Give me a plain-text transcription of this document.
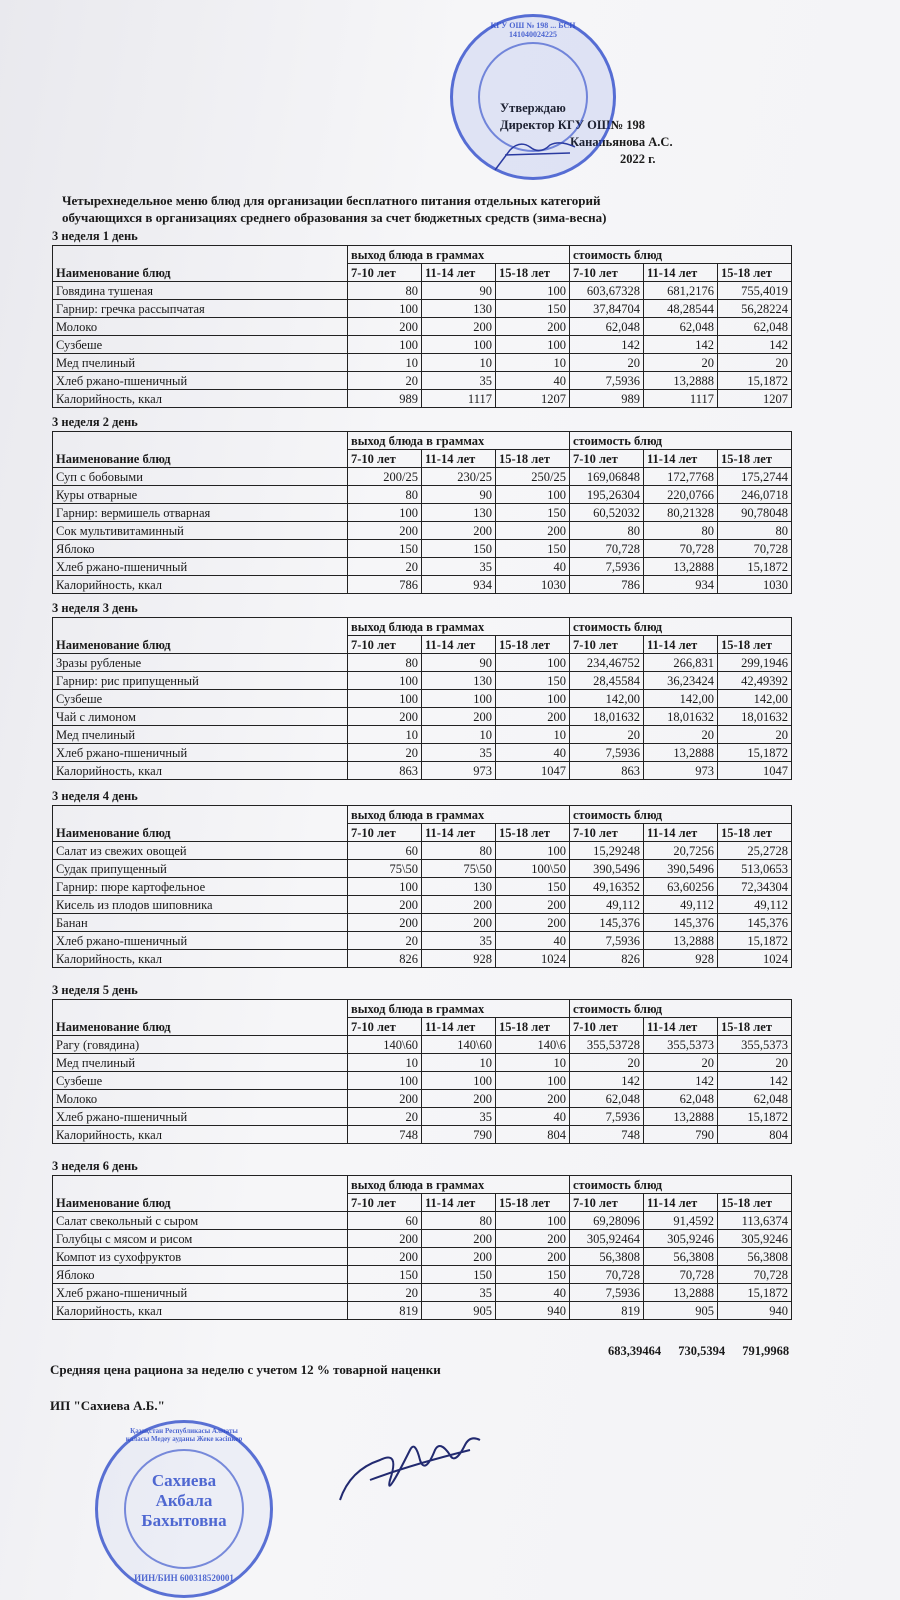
КГУ ОШ № 198 ... БСН 141040024225
Утверждаю
Директор КГУ ОШ№ 198
Канапьянова А.С.
2022 г.
Четырехнедельное меню блюд для организации бесплатного питания отдельных категорий
обучающихся в организациях среднего образования за счет бюджетных средств (зима-весна)
3 неделя 1 день
Наименование блюд	выход блюда в граммах			стоимость блюд		
	7-10 лет	11-14 лет	15-18 лет	7-10 лет	11-14 лет	15-18 лет
Говядина тушеная	80	90	100	603,67328	681,2176	755,4019
Гарнир: гречка рассыпчатая	100	130	150	37,84704	48,28544	56,28224
Молоко	200	200	200	62,048	62,048	62,048
Сузбеше	100	100	100	142	142	142
Мед пчелиный	10	10	10	20	20	20
Хлеб ржано-пшеничный	20	35	40	7,5936	13,2888	15,1872
Калорийность, ккал	989	1117	1207	989	1117	1207
3 неделя 2 день
Наименование блюд	выход блюда в граммах			стоимость блюд		
	7-10 лет	11-14 лет	15-18 лет	7-10 лет	11-14 лет	15-18 лет
Суп с бобовыми	200/25	230/25	250/25	169,06848	172,7768	175,2744
Куры отварные	80	90	100	195,26304	220,0766	246,0718
Гарнир: вермишель отварная	100	130	150	60,52032	80,21328	90,78048
Сок мультивитаминный	200	200	200	80	80	80
Яблоко	150	150	150	70,728	70,728	70,728
Хлеб ржано-пшеничный	20	35	40	7,5936	13,2888	15,1872
Калорийность, ккал	786	934	1030	786	934	1030
3 неделя 3 день
Наименование блюд	выход блюда в граммах			стоимость блюд		
	7-10 лет	11-14 лет	15-18 лет	7-10 лет	11-14 лет	15-18 лет
Зразы рубленые	80	90	100	234,46752	266,831	299,1946
Гарнир: рис припущенный	100	130	150	28,45584	36,23424	42,49392
Сузбеше	100	100	100	142,00	142,00	142,00
Чай с лимоном	200	200	200	18,01632	18,01632	18,01632
Мед пчелиный	10	10	10	20	20	20
Хлеб ржано-пшеничный	20	35	40	7,5936	13,2888	15,1872
Калорийность, ккал	863	973	1047	863	973	1047
3 неделя 4 день
Наименование блюд	выход блюда в граммах			стоимость блюд		
	7-10 лет	11-14 лет	15-18 лет	7-10 лет	11-14 лет	15-18 лет
Салат из свежих овощей	60	80	100	15,29248	20,7256	25,2728
Судак припущенный	75\50	75\50	100\50	390,5496	390,5496	513,0653
Гарнир: пюре картофельное	100	130	150	49,16352	63,60256	72,34304
Кисель из плодов шиповника	200	200	200	49,112	49,112	49,112
Банан	200	200	200	145,376	145,376	145,376
Хлеб ржано-пшеничный	20	35	40	7,5936	13,2888	15,1872
Калорийность, ккал	826	928	1024	826	928	1024
3 неделя 5 день
Наименование блюд	выход блюда в граммах			стоимость блюд		
	7-10 лет	11-14 лет	15-18 лет	7-10 лет	11-14 лет	15-18 лет
Рагу (говядина)	140\60	140\60	140\6	355,53728	355,5373	355,5373
Мед пчелиный	10	10	10	20	20	20
Сузбеше	100	100	100	142	142	142
Молоко	200	200	200	62,048	62,048	62,048
Хлеб ржано-пшеничный	20	35	40	7,5936	13,2888	15,1872
Калорийность, ккал	748	790	804	748	790	804
3 неделя 6 день
Наименование блюд	выход блюда в граммах			стоимость блюд		
	7-10 лет	11-14 лет	15-18 лет	7-10 лет	11-14 лет	15-18 лет
Салат свекольный с сыром	60	80	100	69,28096	91,4592	113,6374
Голубцы с мясом и рисом	200	200	200	305,92464	305,9246	305,9246
Компот из сухофруктов	200	200	200	56,3808	56,3808	56,3808
Яблоко	150	150	150	70,728	70,728	70,728
Хлеб ржано-пшеничный	20	35	40	7,5936	13,2888	15,1872
Калорийность, ккал	819	905	940	819	905	940
683,39464 730,5394 791,9968
Средняя цена рациона за неделю с учетом 12 % товарной наценки
ИП "Сахиева А.Б."
Қазақстан Республикасы Алматы қаласы Медеу ауданы Жеке кәсіпкер
Сахиева Акбала Бахытовна
ИИН/БИН 600318520001
